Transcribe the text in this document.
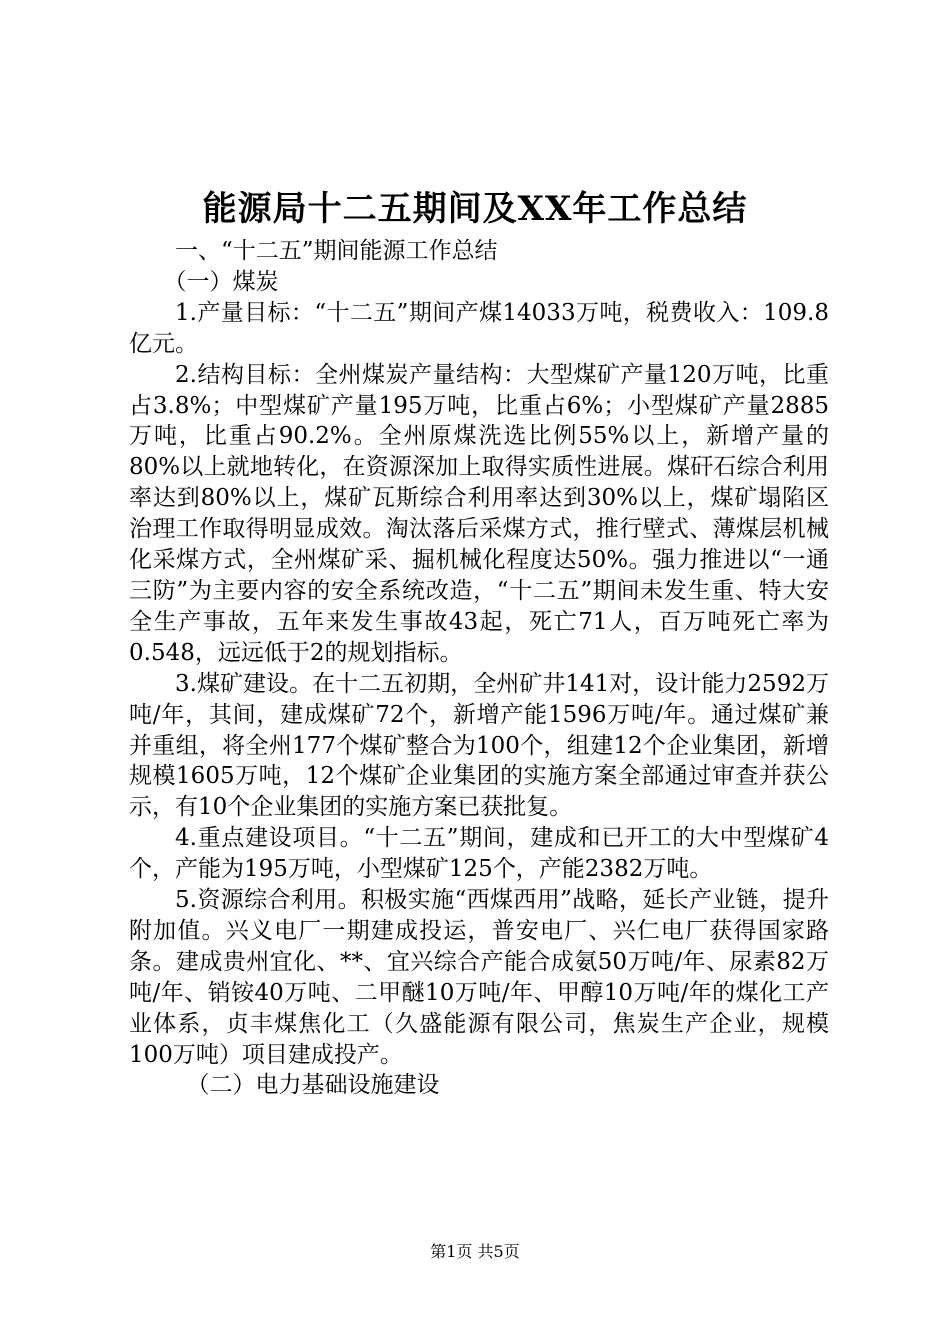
能源局十二五期间及XX年工作总结

一、“十二五”期间能源工作总结

（一）煤炭

1.产量目标：“十二五”期间产煤14033万吨，税费收入：109.8亿元。

2.结构目标：全州煤炭产量结构：大型煤矿产量120万吨，比重占3.8%；中型煤矿产量195万吨，比重占6%；小型煤矿产量2885万吨，比重占90.2%。全州原煤洗选比例55%以上，新增产量的80%以上就地转化，在资源深加上取得实质性进展。煤矸石综合利用率达到80%以上，煤矿瓦斯综合利用率达到30%以上，煤矿塌陷区治理工作取得明显成效。淘汰落后采煤方式，推行壁式、薄煤层机械化采煤方式，全州煤矿采、掘机械化程度达50%。强力推进以“一通三防”为主要内容的安全系统改造，“十二五”期间未发生重、特大安全生产事故，五年来发生事故43起，死亡71人，百万吨死亡率为0.548，远远低于2的规划指标。

3.煤矿建设。在十二五初期，全州矿井141对，设计能力2592万吨/年，其间，建成煤矿72个，新增产能1596万吨/年。通过煤矿兼并重组，将全州177个煤矿整合为100个，组建12个企业集团，新增规模1605万吨，12个煤矿企业集团的实施方案全部通过审查并获公示，有10个企业集团的实施方案已获批复。

4.重点建设项目。“十二五”期间，建成和已开工的大中型煤矿4个，产能为195万吨，小型煤矿125个，产能2382万吨。

5.资源综合利用。积极实施“西煤西用”战略，延长产业链，提升附加值。兴义电厂一期建成投运，普安电厂、兴仁电厂获得国家路条。建成贵州宜化、**、宜兴综合产能合成氨50万吨/年、尿素82万吨/年、销铵40万吨、二甲醚10万吨/年、甲醇10万吨/年的煤化工产业体系，贞丰煤焦化工（久盛能源有限公司，焦炭生产企业，规模100万吨）项目建成投产。

（二）电力基础设施建设

第1页 共5页
